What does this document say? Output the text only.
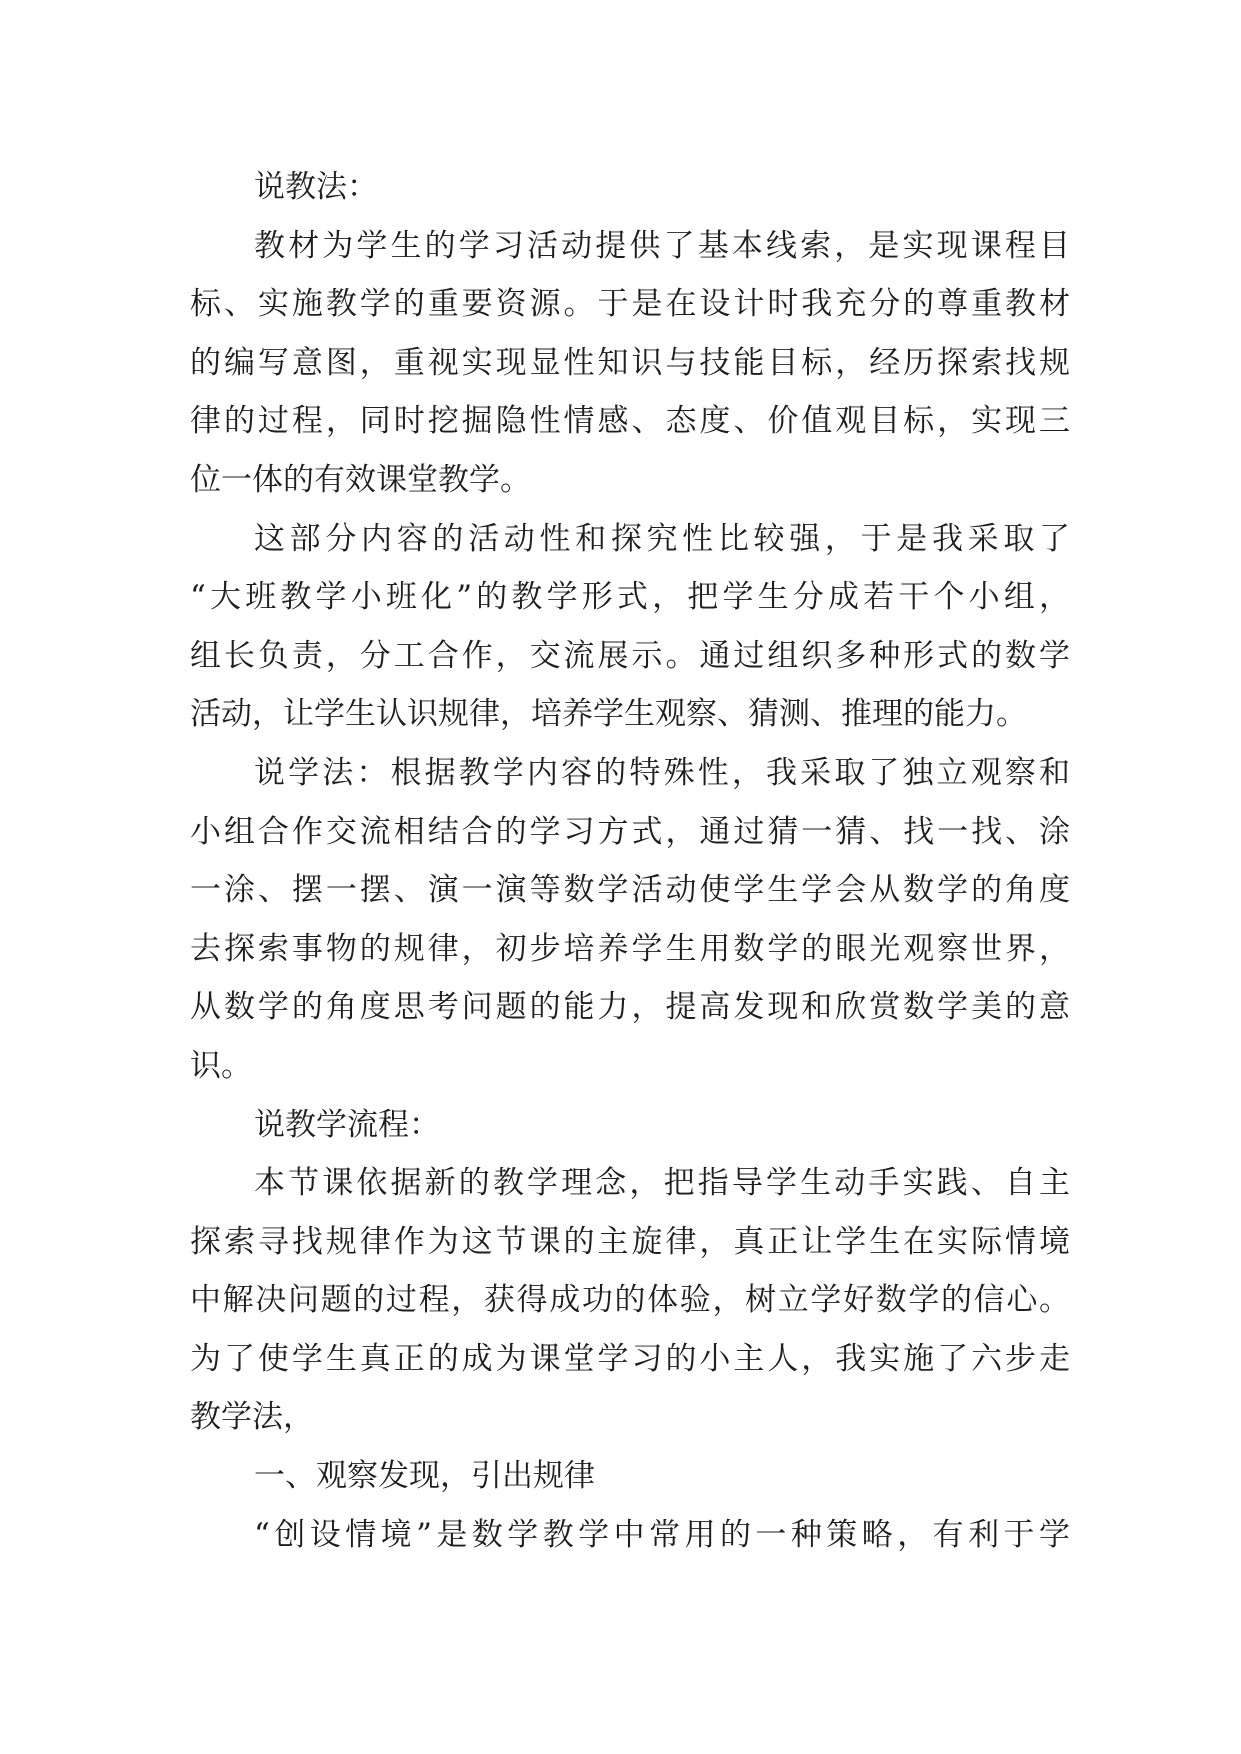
说教法：
教材为学生的学习活动提供了基本线索，是实现课程目
标、实施教学的重要资源。于是在设计时我充分的尊重教材
的编写意图，重视实现显性知识与技能目标，经历探索找规
律的过程，同时挖掘隐性情感、态度、价值观目标，实现三
位一体的有效课堂教学。
这部分内容的活动性和探究性比较强，于是我采取了
“大班教学小班化”的教学形式，把学生分成若干个小组，
组长负责，分工合作，交流展示。通过组织多种形式的数学
活动，让学生认识规律，培养学生观察、猜测、推理的能力。
说学法：根据教学内容的特殊性，我采取了独立观察和
小组合作交流相结合的学习方式，通过猜一猜、找一找、涂
一涂、摆一摆、演一演等数学活动使学生学会从数学的角度
去探索事物的规律，初步培养学生用数学的眼光观察世界，
从数学的角度思考问题的能力，提高发现和欣赏数学美的意
识。
说教学流程：
本节课依据新的教学理念，把指导学生动手实践、自主
探索寻找规律作为这节课的主旋律，真正让学生在实际情境
中解决问题的过程，获得成功的体验，树立学好数学的信心。
为了使学生真正的成为课堂学习的小主人，我实施了六步走
教学法，
一、观察发现，引出规律
“创设情境”是数学教学中常用的一种策略，有利于学
